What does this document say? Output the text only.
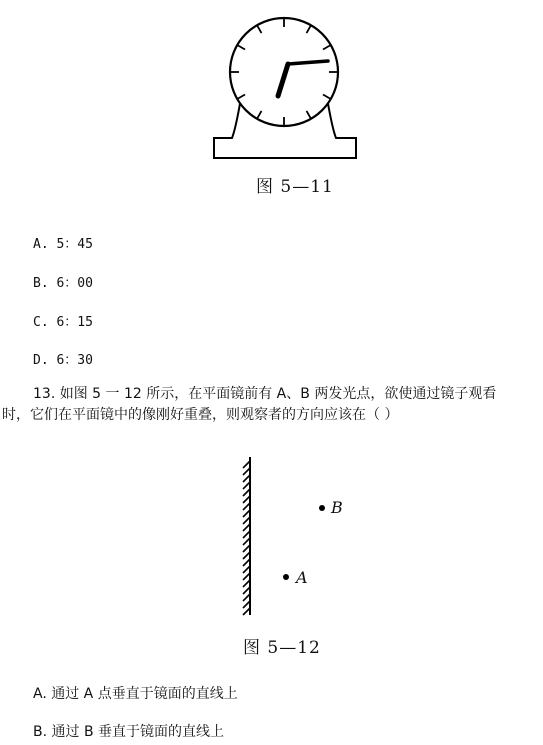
图 5—11
A. 5：45
B. 6：00
C. 6：15
D. 6：30
13. 如图 5 一 12 所示，在平面镜前有 A、B 两发光点，欲使通过镜子观看
时，它们在平面镜中的像刚好重叠，则观察者的方向应该在（ ）
B
A
图 5—12
A. 通过 A 点垂直于镜面的直线上
B. 通过 B 垂直于镜面的直线上
